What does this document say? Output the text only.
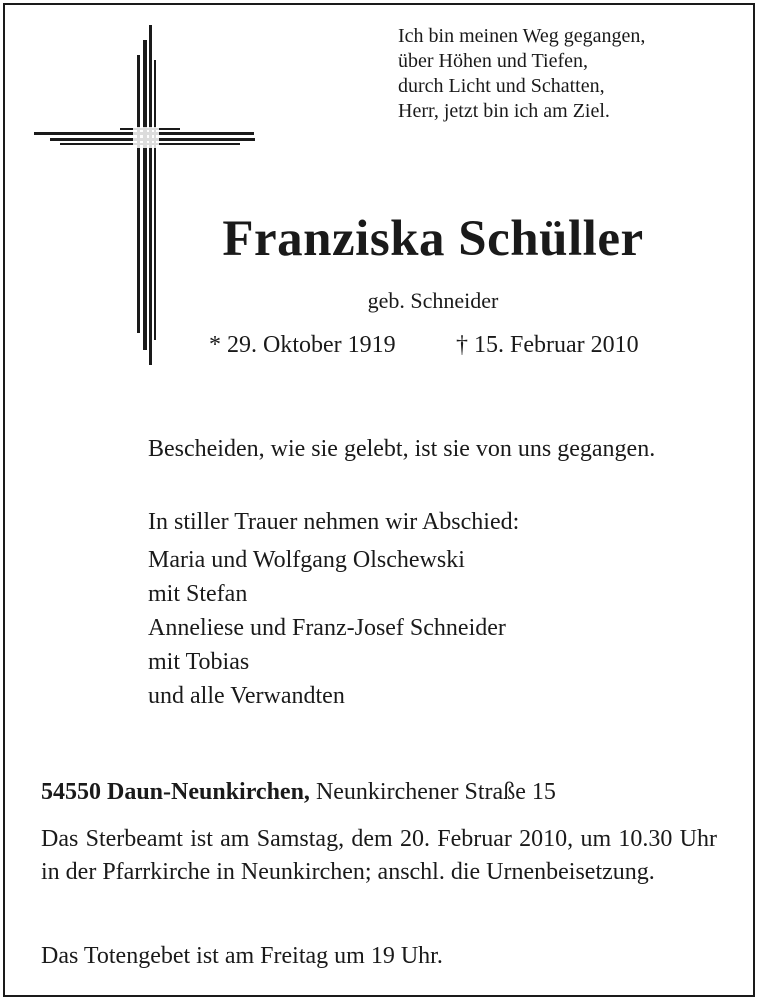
Ich bin meinen Weg gegangen,
über Höhen und Tiefen,
durch Licht und Schatten,
Herr, jetzt bin ich am Ziel.
Franziska Schüller
geb. Schneider
* 29. Oktober 1919	† 15. Februar 2010
Bescheiden, wie sie gelebt, ist sie von uns gegangen.
In stiller Trauer nehmen wir Abschied:
Maria und Wolfgang Olschewski
mit Stefan
Anneliese und Franz-Josef Schneider
mit Tobias
und alle Verwandten
54550 Daun-Neunkirchen, Neunkirchener Straße 15
Das Sterbeamt ist am Samstag, dem 20. Februar 2010, um 10.30 Uhr in der Pfarrkirche in Neunkirchen; anschl. die Urnenbeisetzung.
Das Totengebet ist am Freitag um 19 Uhr.
